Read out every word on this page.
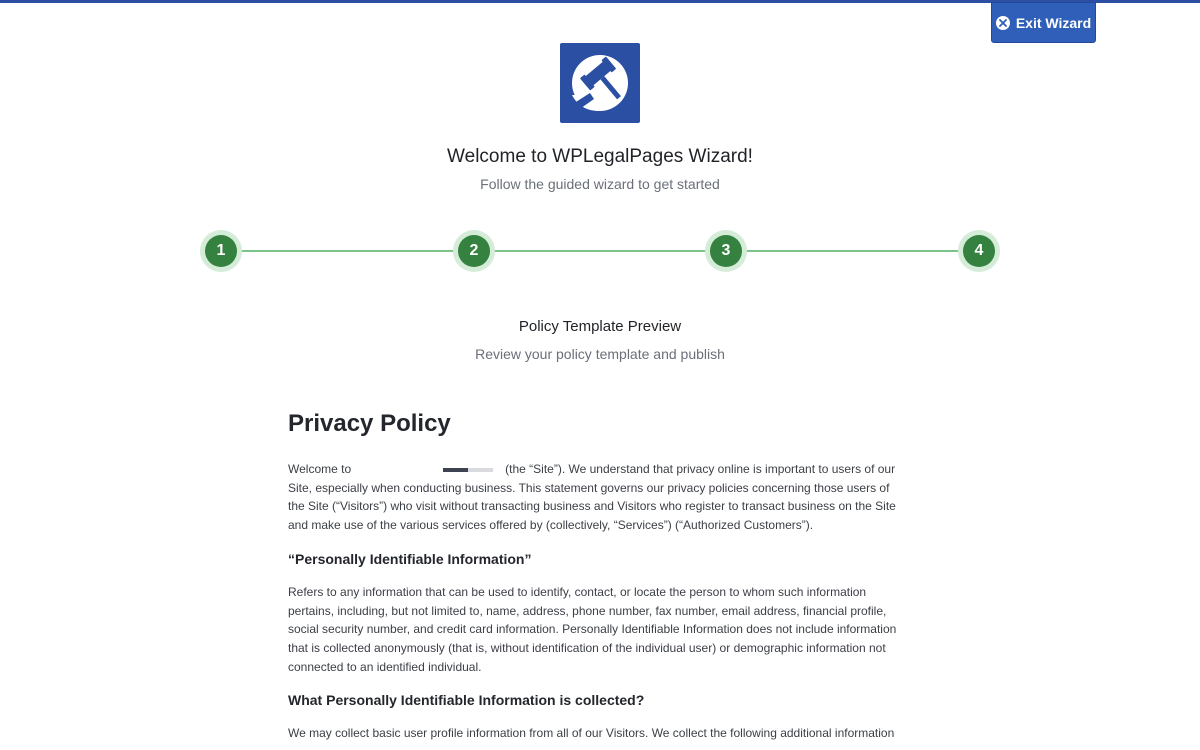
Exit Wizard
Welcome to WPLegalPages Wizard!
Follow the guided wizard to get started
1	2	3	4
Policy Template Preview
Review your policy template and publish
Privacy Policy

Welcome to	(the “Site”). We understand that privacy online is important to users of our Site, especially when conducting business. This statement governs our privacy policies concerning those users of the Site (“Visitors”) who visit without transacting business and Visitors who register to transact business on the Site and make use of the various services offered by (collectively, “Services”) (“Authorized Customers”).

“Personally Identifiable Information”

Refers to any information that can be used to identify, contact, or locate the person to whom such information pertains, including, but not limited to, name, address, phone number, fax number, email address, financial profile, social security number, and credit card information. Personally Identifiable Information does not include information that is collected anonymously (that is, without identification of the individual user) or demographic information not connected to an identified individual.

What Personally Identifiable Information is collected?

We may collect basic user profile information from all of our Visitors. We collect the following additional information
